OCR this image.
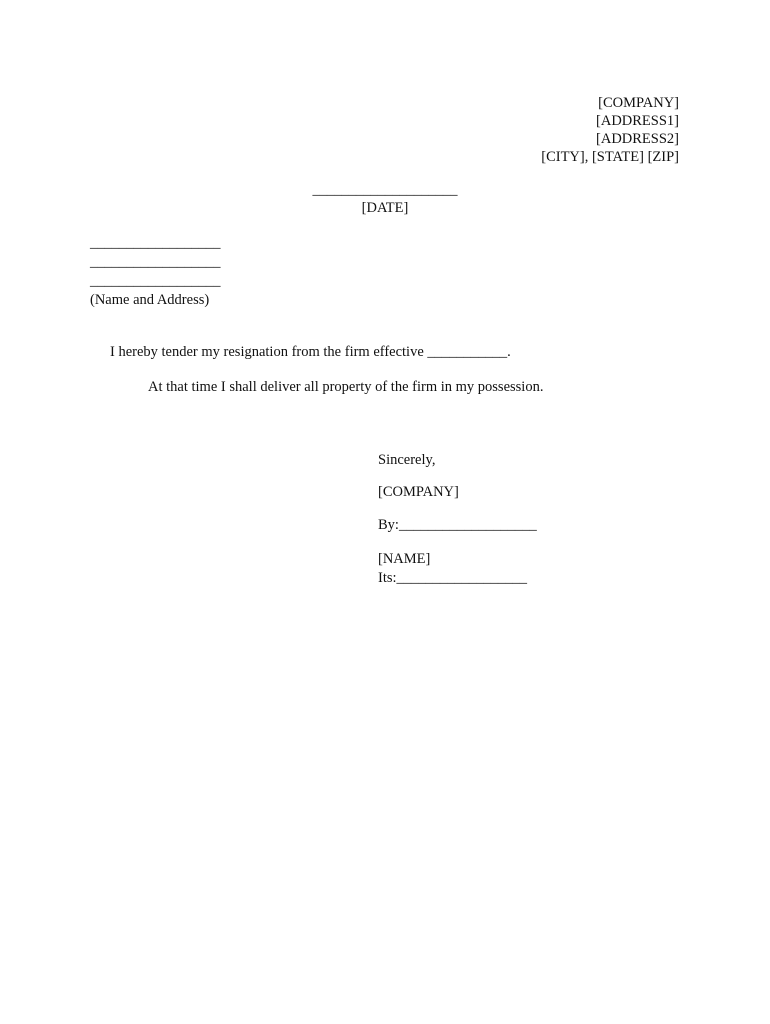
[COMPANY]
[ADDRESS1]
[ADDRESS2]
[CITY], [STATE] [ZIP]
____________________
[DATE]
__________________
__________________
__________________
(Name and Address)
I hereby tender my resignation from the firm effective ___________.
At that time I shall deliver all property of the firm in my possession.
Sincerely,
[COMPANY]
By:___________________
[NAME]
Its:__________________
